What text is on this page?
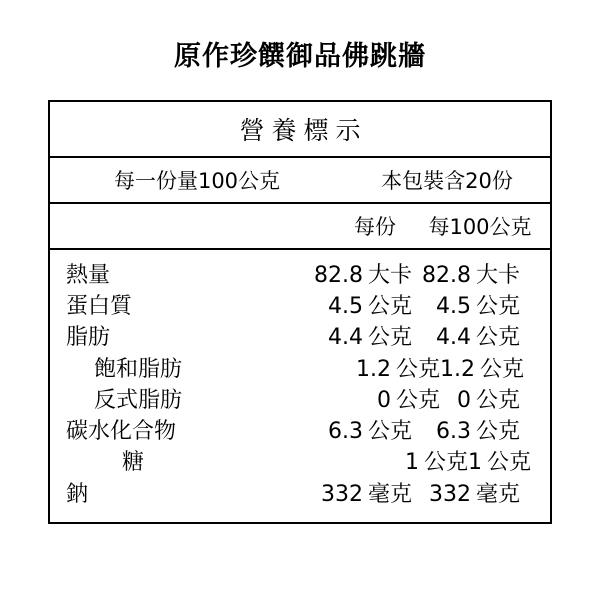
原作珍饌御品佛跳牆
營養標示
每一份量100公克	本包裝含20份
每份	每100公克
熱量	82.8 大卡 82.8 大卡
蛋白質	4.5 公克	4.5 公克
脂肪	4.4 公克	4.4 公克
飽和脂肪	1.2 公克 1.2 公克
反式脂肪	0 公克 0 公克
碳水化合物	6.3 公克	6.3 公克
糖	1 公克 1 公克
鈉	332 毫克 332 毫克
